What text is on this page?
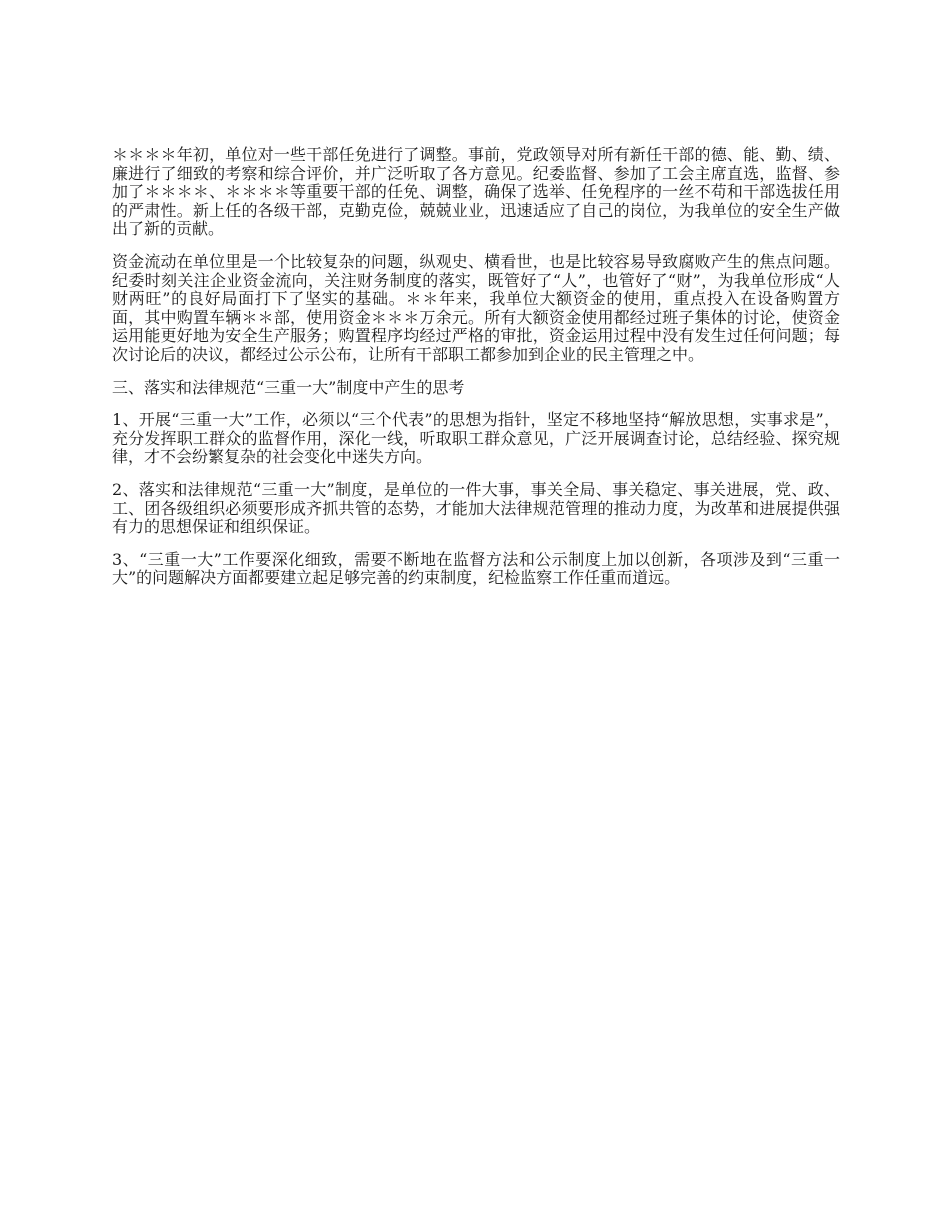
＊＊＊＊年初，单位对一些干部任免进行了调整。事前，党政领导对所有新任干部的德、能、勤、绩、廉进行了细致的考察和综合评价，并广泛听取了各方意见。纪委监督、参加了工会主席直选，监督、参加了＊＊＊＊、＊＊＊＊等重要干部的任免、调整，确保了选举、任免程序的一丝不苟和干部选拔任用的严肃性。新上任的各级干部，克勤克俭，兢兢业业，迅速适应了自己的岗位，为我单位的安全生产做出了新的贡献。

资金流动在单位里是一个比较复杂的问题，纵观史、横看世，也是比较容易导致腐败产生的焦点问题。纪委时刻关注企业资金流向，关注财务制度的落实，既管好了“人”，也管好了“财”，为我单位形成“人财两旺”的良好局面打下了坚实的基础。＊＊年来，我单位大额资金的使用，重点投入在设备购置方面，其中购置车辆＊＊部，使用资金＊＊＊万余元。所有大额资金使用都经过班子集体的讨论，使资金运用能更好地为安全生产服务；购置程序均经过严格的审批，资金运用过程中没有发生过任何问题；每次讨论后的决议，都经过公示公布，让所有干部职工都参加到企业的民主管理之中。

三、落实和法律规范“三重一大”制度中产生的思考

1、开展“三重一大”工作，必须以“三个代表”的思想为指针，坚定不移地坚持“解放思想，实事求是”，充分发挥职工群众的监督作用，深化一线，听取职工群众意见，广泛开展调查讨论，总结经验、探究规律，才不会纷繁复杂的社会变化中迷失方向。

2、落实和法律规范“三重一大”制度，是单位的一件大事，事关全局、事关稳定、事关进展，党、政、工、团各级组织必须要形成齐抓共管的态势，才能加大法律规范管理的推动力度，为改革和进展提供强有力的思想保证和组织保证。

3、“三重一大”工作要深化细致，需要不断地在监督方法和公示制度上加以创新，各项涉及到“三重一大”的问题解决方面都要建立起足够完善的约束制度，纪检监察工作任重而道远。
